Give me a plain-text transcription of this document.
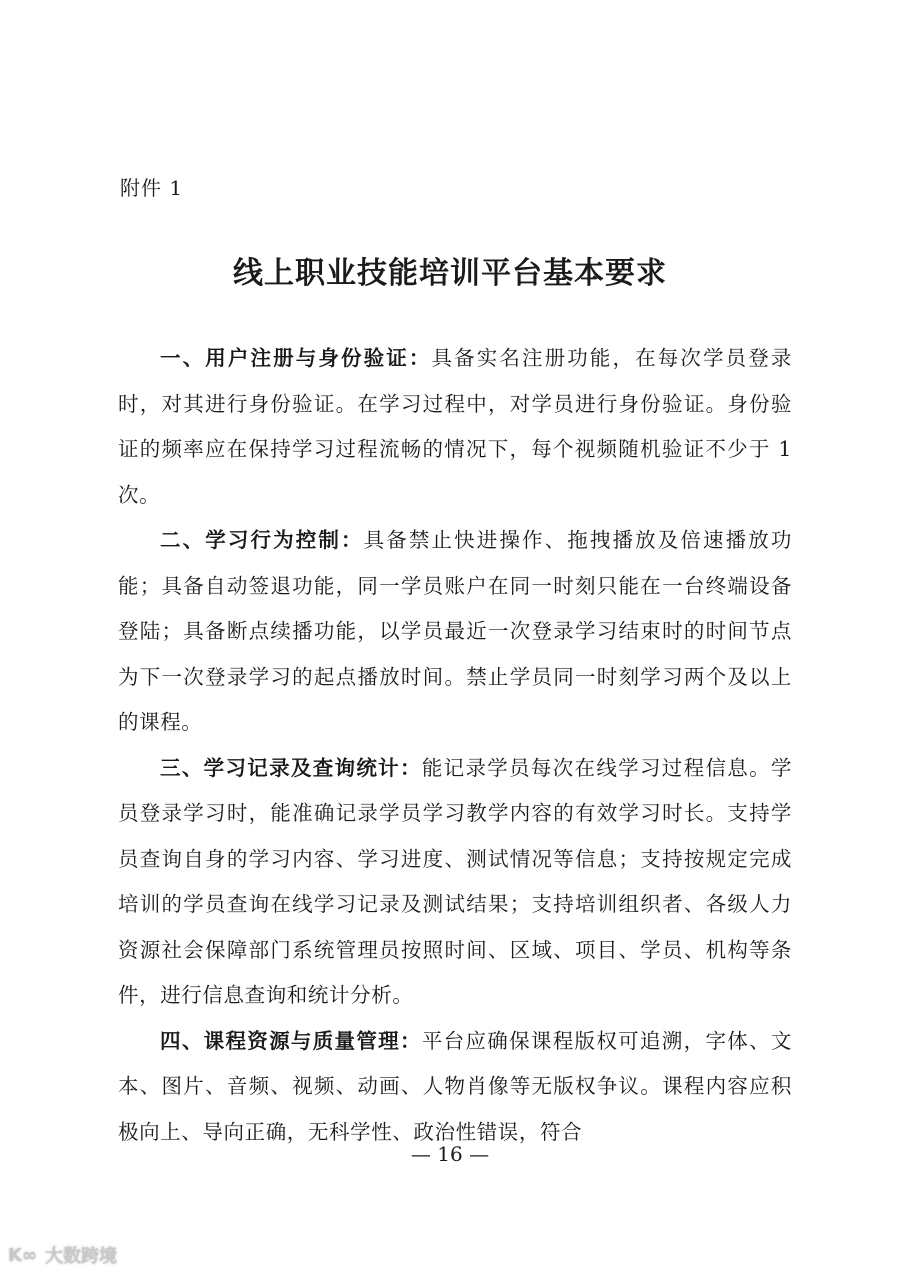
附件 1
线上职业技能培训平台基本要求

一、用户注册与身份验证：具备实名注册功能，在每次学员登录时，对其进行身份验证。在学习过程中，对学员进行身份验证。身份验证的频率应在保持学习过程流畅的情况下，每个视频随机验证不少于 1 次。

二、学习行为控制：具备禁止快进操作、拖拽播放及倍速播放功能；具备自动签退功能，同一学员账户在同一时刻只能在一台终端设备登陆；具备断点续播功能，以学员最近一次登录学习结束时的时间节点为下一次登录学习的起点播放时间。禁止学员同一时刻学习两个及以上的课程。

三、学习记录及查询统计：能记录学员每次在线学习过程信息。学员登录学习时，能准确记录学员学习教学内容的有效学习时长。支持学员查询自身的学习内容、学习进度、测试情况等信息；支持按规定完成培训的学员查询在线学习记录及测试结果；支持培训组织者、各级人力资源社会保障部门系统管理员按照时间、区域、项目、学员、机构等条件，进行信息查询和统计分析。

四、课程资源与质量管理：平台应确保课程版权可追溯，字体、文本、图片、音频、视频、动画、人物肖像等无版权争议。课程内容应积极向上、导向正确，无科学性、政治性错误，符合

— 16 —
K∞ 大数跨境
